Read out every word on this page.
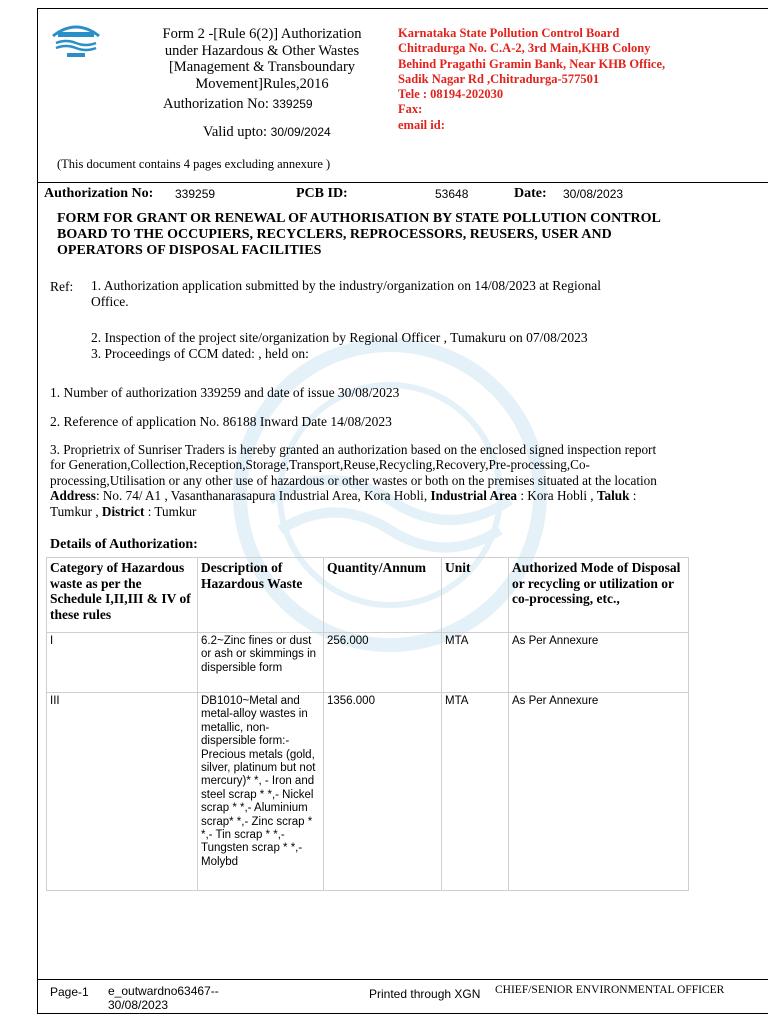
Form 2 -[Rule 6(2)] Authorization under Hazardous & Other Wastes [Management & Transboundary Movement]Rules,2016
Authorization No: 339259
Valid upto: 30/09/2024
Karnataka State Pollution Control Board
Chitradurga No. C.A-2, 3rd Main,KHB Colony
Behind Pragathi Gramin Bank, Near KHB Office,
Sadik Nagar Rd ,Chitradurga-577501
Tele : 08194-202030
Fax:
email id:
(This document contains 4 pages excluding annexure )
Authorization No: 339259	PCB ID:	53648	Date: 30/08/2023
FORM FOR GRANT OR RENEWAL OF AUTHORISATION BY STATE POLLUTION CONTROL BOARD TO THE OCCUPIERS, RECYCLERS, REPROCESSORS, REUSERS, USER AND OPERATORS OF DISPOSAL FACILITIES
Ref: 1. Authorization application submitted by the industry/organization on 14/08/2023 at Regional Office.
2. Inspection of the project site/organization by Regional Officer , Tumakuru on 07/08/2023
3. Proceedings of CCM dated: , held on:
1. Number of authorization 339259 and date of issue 30/08/2023
2. Reference of application No. 86188 Inward Date 14/08/2023
3. Proprietrix of Sunriser Traders is hereby granted an authorization based on the enclosed signed inspection report for Generation,Collection,Reception,Storage,Transport,Reuse,Recycling,Recovery,Pre-processing,Co-processing,Utilisation or any other use of hazardous or other wastes or both on the premises situated at the location Address: No. 74/ A1 , Vasanthanarasapura Industrial Area, Kora Hobli, Industrial Area : Kora Hobli , Taluk : Tumkur , District : Tumkur
Details of Authorization:
Category of Hazardous waste as per the Schedule I,II,III & IV of these rules	Description of Hazardous Waste	Quantity/Annum	Unit	Authorized Mode of Disposal or recycling or utilization or co-processing, etc.,
I	6.2~Zinc fines or dust or ash or skimmings in dispersible form	256.000	MTA	As Per Annexure
III	DB1010~Metal and metal-alloy wastes in metallic, non-dispersible form:- Precious metals (gold, silver, platinum but not mercury)* *, - Iron and steel scrap * *,- Nickel scrap * *,- Aluminium scrap* *,- Zinc scrap * *,- Tin scrap * *,- Tungsten scrap * *,- Molybd	1356.000	MTA	As Per Annexure
Page-1 e_outwardno63467--
30/08/2023
Printed through XGN CHIEF/SENIOR ENVIRONMENTAL OFFICER
